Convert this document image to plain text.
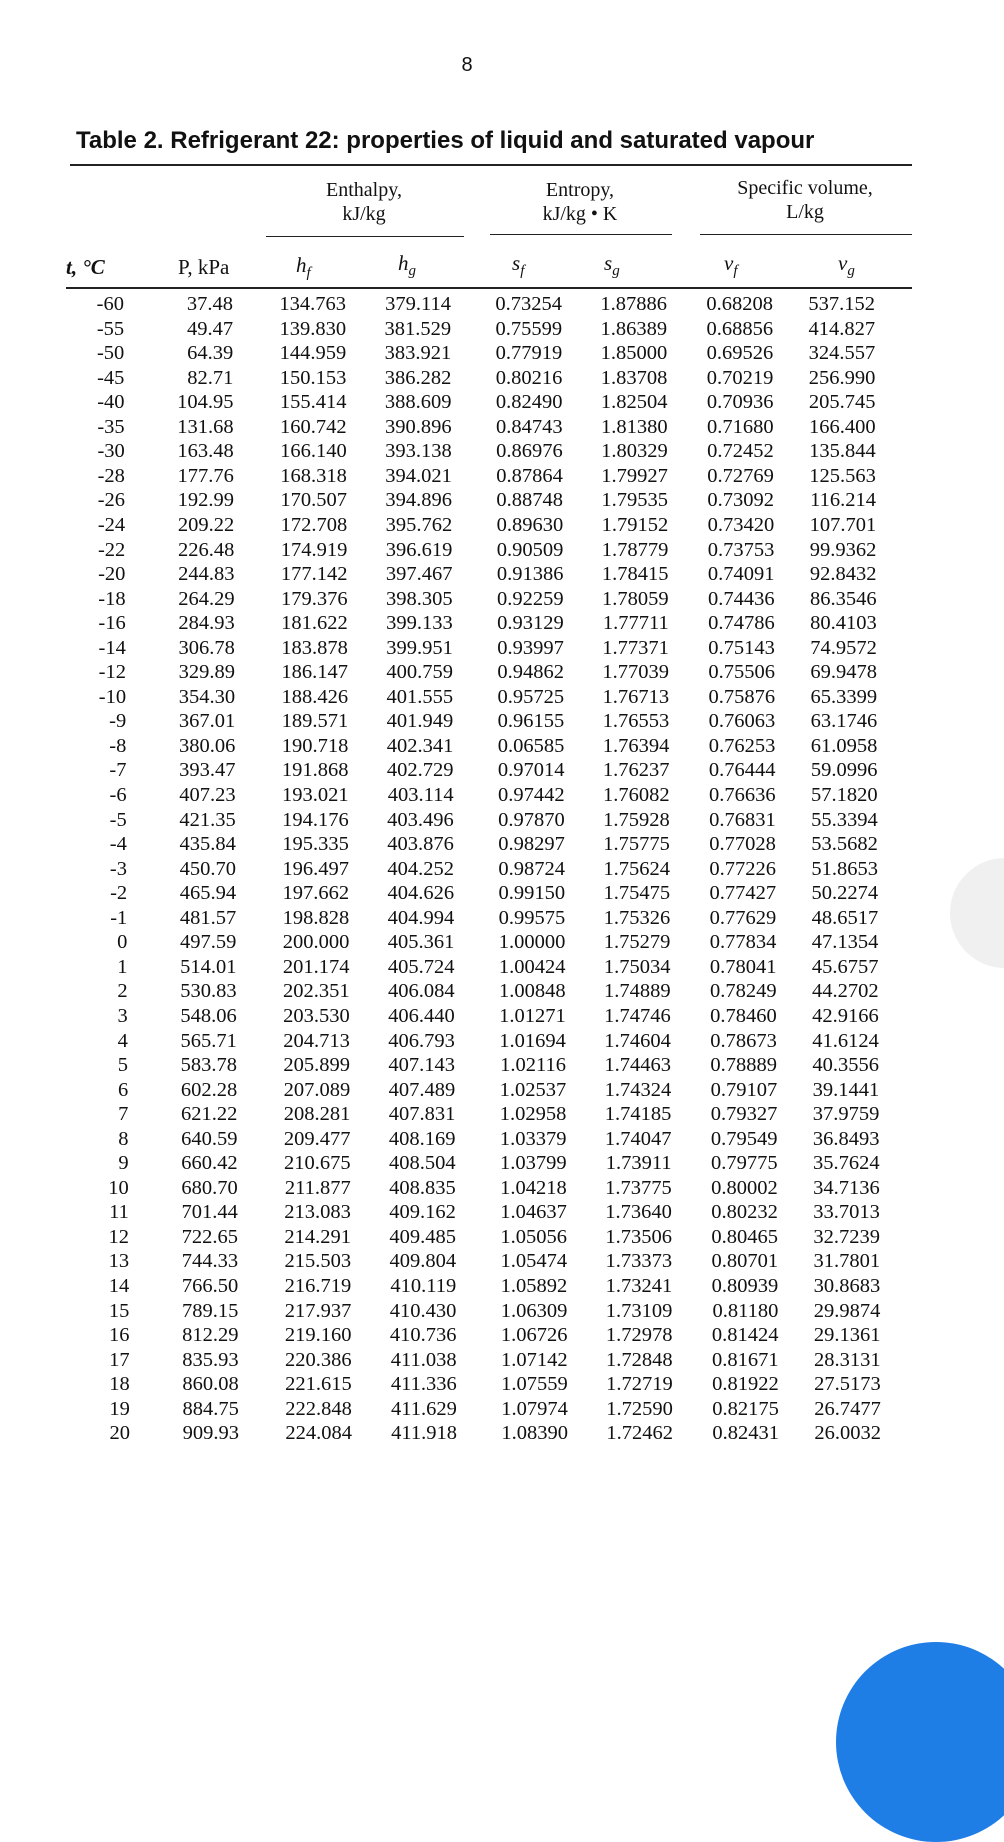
8
Table 2. Refrigerant 22: properties of liquid and saturated vapour
Enthalpy,
kJ/kg
Entropy,
kJ/kg • K
Specific volume,
L/kg
t, °C	P, kPa	$h_f$	$h_g$	$s_f$	$s_g$	$v_f$	$v_g$
-60	37.48 134.763 379.114 0.73254 1.87886 0.68208 537.152
-55	49.47 139.830 381.529 0.75599 1.86389 0.68856 414.827
-50	64.39 144.959 383.921 0.77919 1.85000 0.69526 324.557
-45	82.71 150.153 386.282 0.80216 1.83708 0.70219 256.990
-40	104.95 155.414 388.609 0.82490 1.82504 0.70936 205.745
-35	131.68 160.742 390.896 0.84743 1.81380 0.71680 166.400
-30	163.48 166.140 393.138 0.86976 1.80329 0.72452 135.844
-28	177.76 168.318 394.021 0.87864 1.79927 0.72769 125.563
-26	192.99 170.507 394.896 0.88748 1.79535 0.73092 116.214
-24	209.22 172.708 395.762 0.89630 1.79152 0.73420 107.701
-22	226.48 174.919 396.619 0.90509 1.78779 0.73753 99.9362
-20	244.83 177.142 397.467 0.91386 1.78415 0.74091 92.8432
-18	264.29 179.376 398.305 0.92259 1.78059 0.74436 86.3546
-16	284.93 181.622 399.133 0.93129 1.77711 0.74786 80.4103
-14	306.78 183.878 399.951 0.93997 1.77371 0.75143 74.9572
-12	329.89 186.147 400.759 0.94862 1.77039 0.75506 69.9478
-10	354.30 188.426 401.555 0.95725 1.76713 0.75876 65.3399
-9	367.01 189.571 401.949 0.96155 1.76553 0.76063 63.1746
-8	380.06 190.718 402.341 0.06585 1.76394 0.76253 61.0958
-7	393.47 191.868 402.729 0.97014 1.76237 0.76444 59.0996
-6	407.23 193.021 403.114 0.97442 1.76082 0.76636 57.1820
-5	421.35 194.176 403.496 0.97870 1.75928 0.76831 55.3394
-4	435.84 195.335 403.876 0.98297 1.75775 0.77028 53.5682
-3	450.70 196.497 404.252 0.98724 1.75624 0.77226 51.8653
-2	465.94 197.662 404.626 0.99150 1.75475 0.77427 50.2274
-1	481.57 198.828 404.994 0.99575 1.75326 0.77629 48.6517
0	497.59 200.000 405.361 1.00000 1.75279 0.77834 47.1354
1	514.01 201.174 405.724 1.00424 1.75034 0.78041 45.6757
2	530.83 202.351 406.084 1.00848 1.74889 0.78249 44.2702
3	548.06 203.530 406.440 1.01271 1.74746 0.78460 42.9166
4	565.71 204.713 406.793 1.01694 1.74604 0.78673 41.6124
5	583.78 205.899 407.143 1.02116 1.74463 0.78889 40.3556
6	602.28 207.089 407.489 1.02537 1.74324 0.79107 39.1441
7	621.22 208.281 407.831 1.02958 1.74185 0.79327 37.9759
8	640.59 209.477 408.169 1.03379 1.74047 0.79549 36.8493
9	660.42 210.675 408.504 1.03799 1.73911 0.79775 35.7624
10	680.70 211.877 408.835 1.04218 1.73775 0.80002 34.7136
11	701.44 213.083 409.162 1.04637 1.73640 0.80232 33.7013
12	722.65 214.291 409.485 1.05056 1.73506 0.80465 32.7239
13	744.33 215.503 409.804 1.05474 1.73373 0.80701 31.7801
14	766.50 216.719 410.119 1.05892 1.73241 0.80939 30.8683
15	789.15 217.937 410.430 1.06309 1.73109 0.81180 29.9874
16	812.29 219.160 410.736 1.06726 1.72978 0.81424 29.1361
17	835.93 220.386 411.038 1.07142 1.72848 0.81671 28.3131
18	860.08 221.615 411.336 1.07559 1.72719 0.81922 27.5173
19	884.75 222.848 411.629 1.07974 1.72590 0.82175 26.7477
20	909.93 224.084 411.918 1.08390 1.72462 0.82431 26.0032
